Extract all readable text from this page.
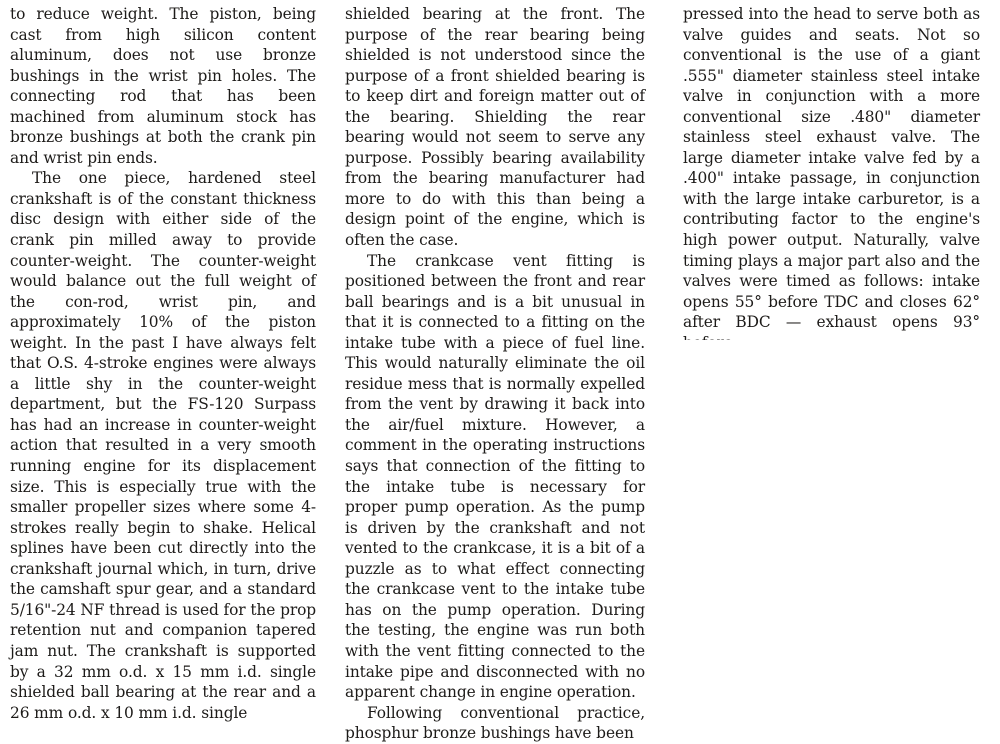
to reduce weight. The piston, being cast from high silicon content aluminum, does not use bronze bushings in the wrist pin holes. The connecting rod that has been machined from aluminum stock has bronze bushings at both the crank pin and wrist pin ends.

The one piece, hardened steel crankshaft is of the constant thickness disc design with either side of the crank pin milled away to provide counter-weight. The counter-weight would balance out the full weight of the con-rod, wrist pin, and approximately 10% of the piston weight. In the past I have always felt that O.S. 4-stroke engines were always a little shy in the counter-weight department, but the FS-120 Surpass has had an increase in counter-weight action that resulted in a very smooth running engine for its displacement size. This is especially true with the smaller propeller sizes where some 4-strokes really begin to shake. Helical splines have been cut directly into the crankshaft journal which, in turn, drive the camshaft spur gear, and a standard 5/16"-24 NF thread is used for the prop retention nut and companion tapered jam nut. The crankshaft is supported by a 32 mm o.d. x 15 mm i.d. single shielded ball bearing at the rear and a 26 mm o.d. x 10 mm i.d. single

shielded bearing at the front. The purpose of the rear bearing being shielded is not understood since the purpose of a front shielded bearing is to keep dirt and foreign matter out of the bearing. Shielding the rear bearing would not seem to serve any purpose. Possibly bearing availability from the bearing manufacturer had more to do with this than being a design point of the engine, which is often the case.

The crankcase vent fitting is positioned between the front and rear ball bearings and is a bit unusual in that it is connected to a fitting on the intake tube with a piece of fuel line. This would naturally eliminate the oil residue mess that is normally expelled from the vent by drawing it back into the air/fuel mixture. However, a comment in the operating instructions says that connection of the fitting to the intake tube is necessary for proper pump operation. As the pump is driven by the crankshaft and not vented to the crankcase, it is a bit of a puzzle as to what effect connecting the crankcase vent to the intake tube has on the pump operation. During the testing, the engine was run both with the vent fitting connected to the intake pipe and disconnected with no apparent change in engine operation.

Following conventional practice, phosphur bronze bushings have been

pressed into the head to serve both as valve guides and seats. Not so conventional is the use of a giant .555" diameter stainless steel intake valve in conjunction with a more conventional size .480" diameter stainless steel exhaust valve. The large diameter intake valve fed by a .400" intake passage, in conjunction with the large intake carburetor, is a contributing factor to the engine's high power output. Naturally, valve timing plays a major part also and the valves were timed as follows: intake opens 55° before TDC and closes 62° after BDC — exhaust opens 93°
